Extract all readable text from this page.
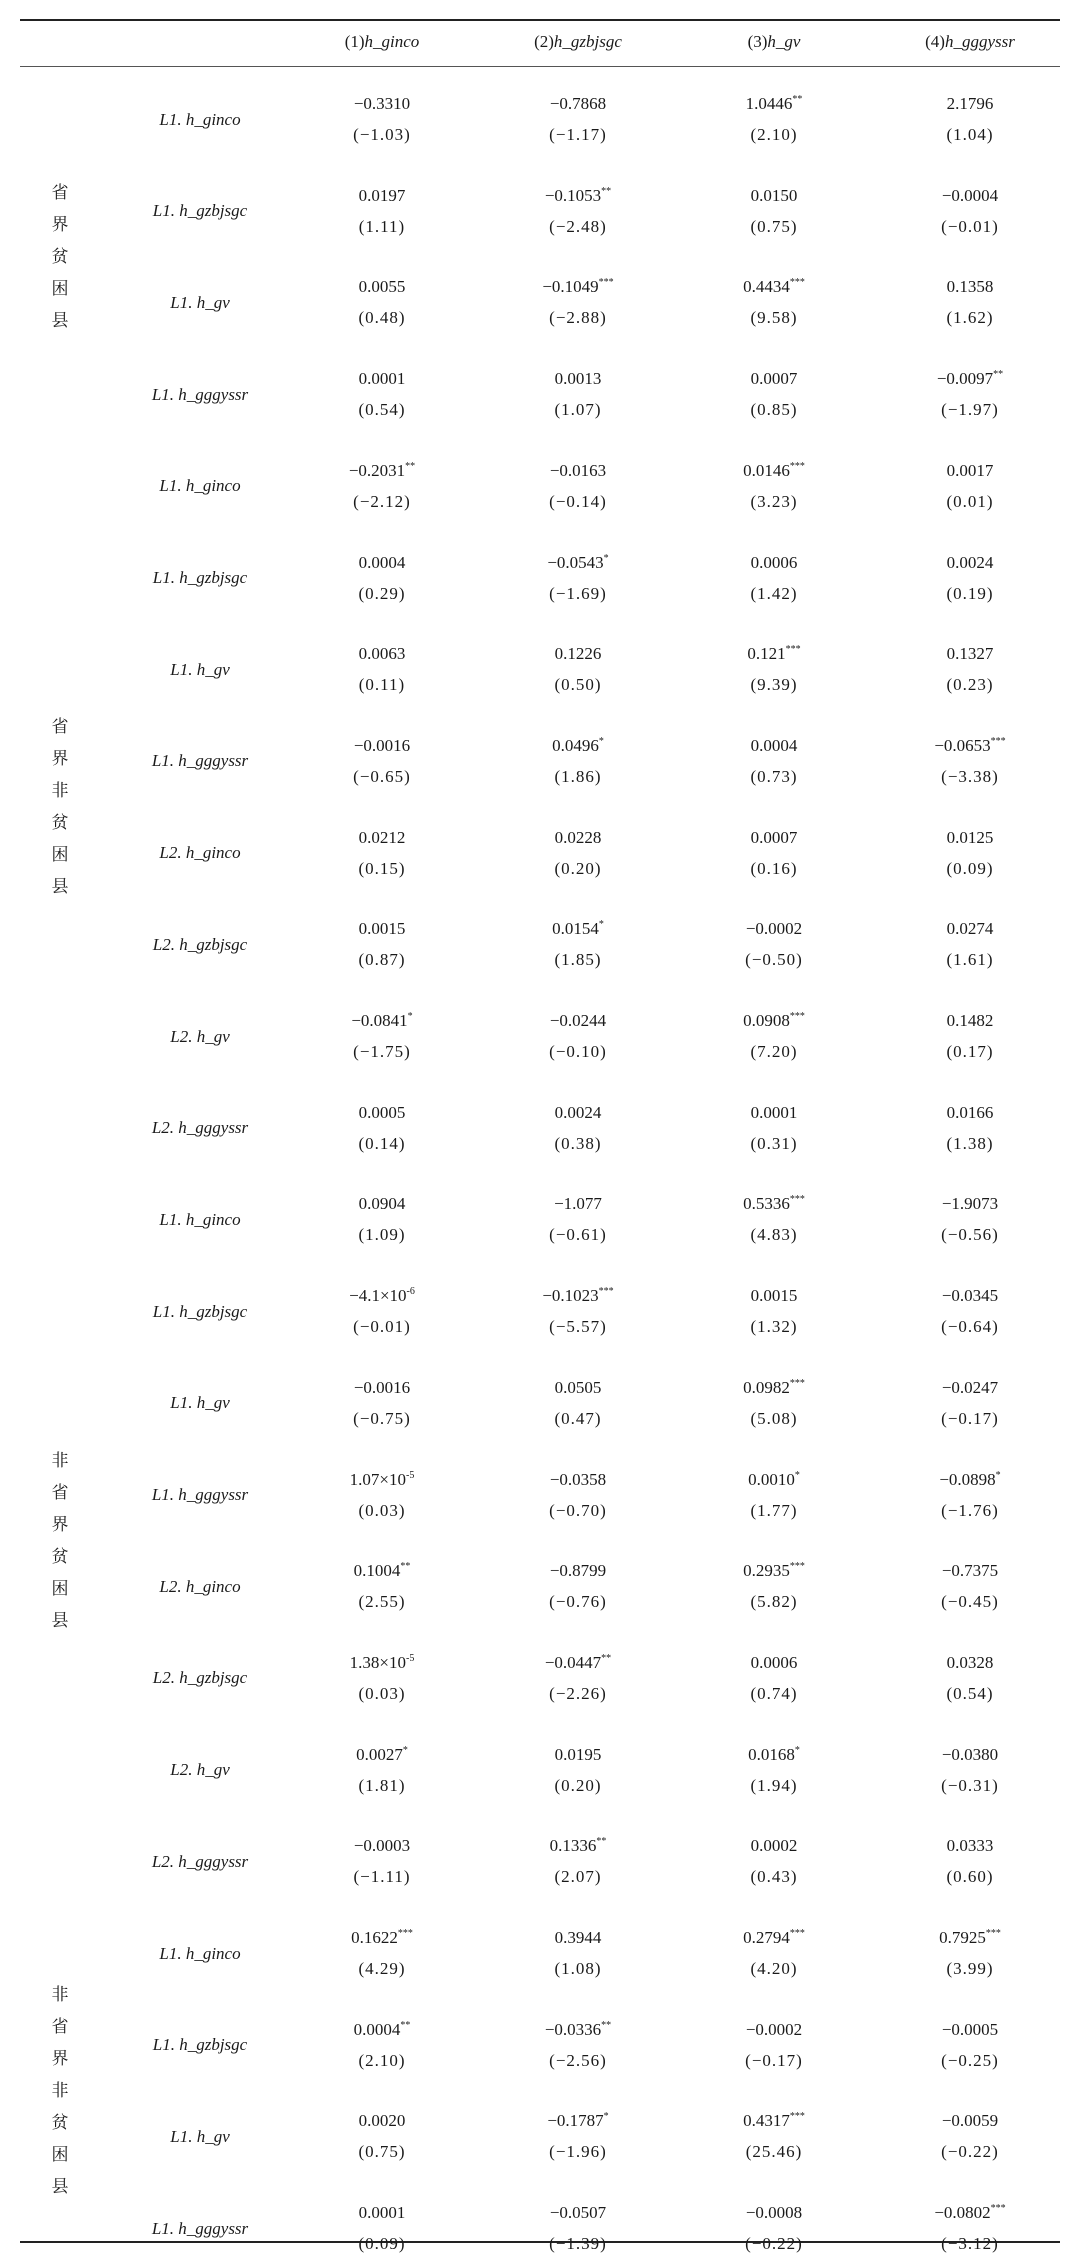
(1)h_ginco	(2)h_gzbjsgc	(3)h_gv	(4)h_gggyssr
L1. h_ginco
−0.3310	−0.7868	1.0446**	2.1796
(−1.03)	(−1.17)	(2.10)	(1.04)
L1. h_gzbjsgc
0.0197	−0.1053**	0.0150	−0.0004
(1.11)	(−2.48)	(0.75)	(−0.01)
L1. h_gv
0.0055	−0.1049***	0.4434***	0.1358
(0.48)	(−2.88)	(9.58)	(1.62)
L1. h_gggyssr
0.0001	0.0013	0.0007	−0.0097**
(0.54)	(1.07)	(0.85)	(−1.97)
省
界
贫
困
县
L1. h_ginco
−0.2031**	−0.0163	0.0146***	0.0017
(−2.12)	(−0.14)	(3.23)	(0.01)
L1. h_gzbjsgc
0.0004	−0.0543*	0.0006	0.0024
(0.29)	(−1.69)	(1.42)	(0.19)
L1. h_gv
0.0063	0.1226	0.121***	0.1327
(0.11)	(0.50)	(9.39)	(0.23)
L1. h_gggyssr
−0.0016	0.0496*	0.0004	−0.0653***
(−0.65)	(1.86)	(0.73)	(−3.38)
L2. h_ginco
0.0212	0.0228	0.0007	0.0125
(0.15)	(0.20)	(0.16)	(0.09)
L2. h_gzbjsgc
0.0015	0.0154*	−0.0002	0.0274
(0.87)	(1.85)	(−0.50)	(1.61)
L2. h_gv
−0.0841*	−0.0244	0.0908***	0.1482
(−1.75)	(−0.10)	(7.20)	(0.17)
L2. h_gggyssr
0.0005	0.0024	0.0001	0.0166
(0.14)	(0.38)	(0.31)	(1.38)
省
界
非
贫
困
县
L1. h_ginco
0.0904	−1.077	0.5336***	−1.9073
(1.09)	(−0.61)	(4.83)	(−0.56)
L1. h_gzbjsgc
$-4.1\times 10^{-6}$	−0.1023***	0.0015	−0.0345
(−0.01)	(−5.57)	(1.32)	(−0.64)
L1. h_gv
−0.0016	0.0505	0.0982***	−0.0247
(−0.75)	(0.47)	(5.08)	(−0.17)
L1. h_gggyssr
$1.07\times 10^{-5}$	−0.0358	0.0010*	−0.0898*
(0.03)	(−0.70)	(1.77)	(−1.76)
L2. h_ginco
0.1004**	−0.8799	0.2935***	−0.7375
(2.55)	(−0.76)	(5.82)	(−0.45)
L2. h_gzbjsgc
$1.38\times 10^{-5}$	−0.0447**	0.0006	0.0328
(0.03)	(−2.26)	(0.74)	(0.54)
L2. h_gv
0.0027*	0.0195	0.0168*	−0.0380
(1.81)	(0.20)	(1.94)	(−0.31)
L2. h_gggyssr
−0.0003	0.1336**	0.0002	0.0333
(−1.11)	(2.07)	(0.43)	(0.60)
非
省
界
贫
困
县
L1. h_ginco
0.1622***	0.3944	0.2794***	0.7925***
(4.29)	(1.08)	(4.20)	(3.99)
L1. h_gzbjsgc
0.0004**	−0.0336**	−0.0002	−0.0005
(2.10)	(−2.56)	(−0.17)	(−0.25)
L1. h_gv
0.0020	−0.1787*	0.4317***	−0.0059
(0.75)	(−1.96)	(25.46)	(−0.22)
L1. h_gggyssr
0.0001	−0.0507	−0.0008	−0.0802***
(0.09)	(−1.39)	(−0.22)	(−3.12)
非
省
界
非
贫
困
县
